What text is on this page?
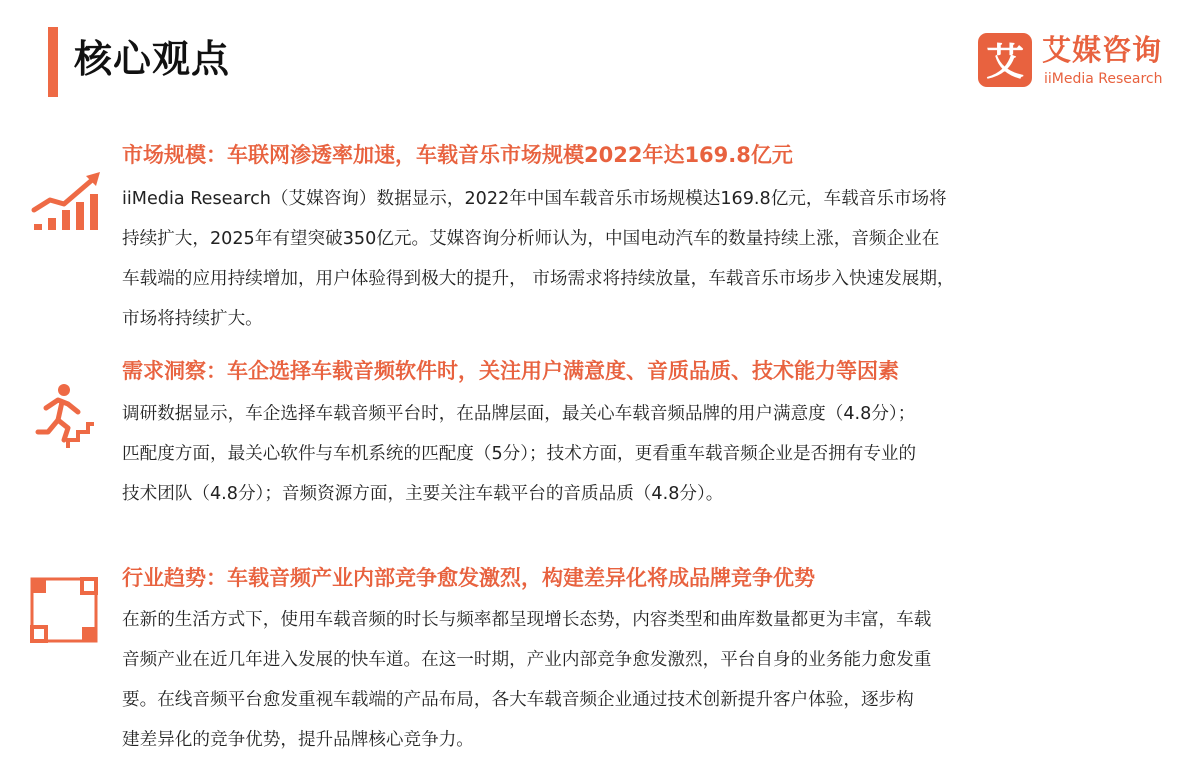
核心观点	艾 艾媒咨询
iiMedia Research
市场规模：车联网渗透率加速，车载音乐市场规模2022年达169.8亿元

iiMedia Research（艾媒咨询）数据显示，2022年中国车载音乐市场规模达169.8亿元，车载音乐市场将
持续扩大，2025年有望突破350亿元。艾媒咨询分析师认为，中国电动汽车的数量持续上涨，音频企业在
车载端的应用持续增加，用户体验得到极大的提升， 市场需求将持续放量，车载音乐市场步入快速发展期，
市场将持续扩大。

需求洞察：车企选择车载音频软件时，关注用户满意度、音质品质、技术能力等因素

调研数据显示，车企选择车载音频平台时，在品牌层面，最关心车载音频品牌的用户满意度（4.8分）；
匹配度方面，最关心软件与车机系统的匹配度（5分）；技术方面，更看重车载音频企业是否拥有专业的
技术团队（4.8分）；音频资源方面，主要关注车载平台的音质品质（4.8分）。

行业趋势：车载音频产业内部竞争愈发激烈，构建差异化将成品牌竞争优势

在新的生活方式下，使用车载音频的时长与频率都呈现增长态势，内容类型和曲库数量都更为丰富，车载
音频产业在近几年进入发展的快车道。在这一时期，产业内部竞争愈发激烈，平台自身的业务能力愈发重
要。在线音频平台愈发重视车载端的产品布局，各大车载音频企业通过技术创新提升客户体验，逐步构
建差异化的竞争优势，提升品牌核心竞争力。
